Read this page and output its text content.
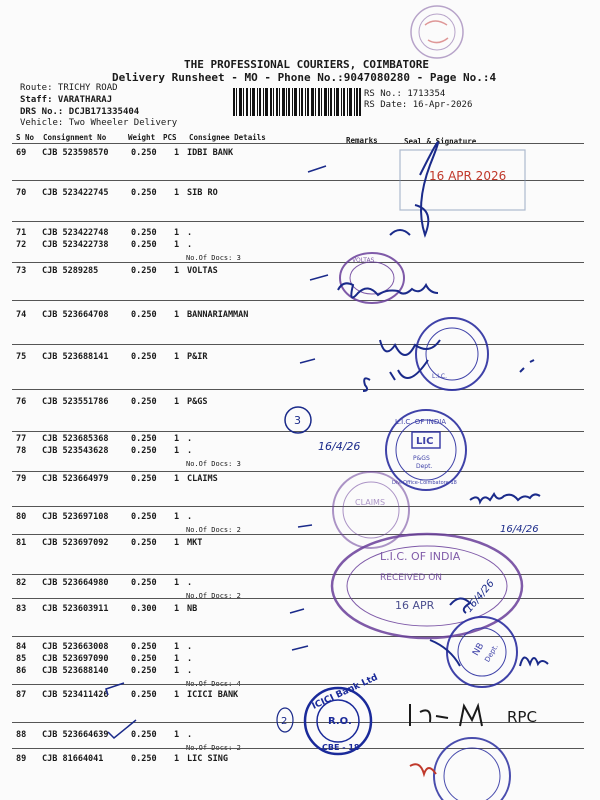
THE PROFESSIONAL COURIERS, COIMBATORE
Delivery Runsheet - MO - Phone No.:9047080280 - Page No.:4
Route: TRICHY ROAD
Staff: VARATHARAJ
DRS No.: DCJB171335404
Vehicle: Two Wheeler Delivery
RS No.: 1713354
RS Date: 16-Apr-2026
S No Consignment No	Weight PCS Consignee Details	Remarks	Seal & Signature
69 CJB 523598570	0.250 1 IDBI BANK
70 CJB 523422745	0.250 1 SIB RO
71 CJB 523422748	0.250 1 .
72 CJB 523422738	0.250 1 .
No.Of Docs: 3
73 CJB 5289285	0.250 1 VOLTAS
74 CJB 523664708	0.250 1 BANNARIAMMAN
75 CJB 523688141	0.250 1 P&IR
76 CJB 523551786	0.250 1 P&GS
77 CJB 523685368	0.250 1 .
78 CJB 523543628	0.250 1 .
No.Of Docs: 3
79 CJB 523664979	0.250 1 CLAIMS
80 CJB 523697108	0.250 1 .
No.Of Docs: 2
81 CJB 523697092	0.250 1 MKT
82 CJB 523664980	0.250 1 .
No.Of Docs: 2
83 CJB 523603911	0.300 1 NB
84 CJB 523663008	0.250 1 .
85 CJB 523697090	0.250 1 .
86 CJB 523688140	0.250 1 .
No.Of Docs: 4
87 CJB 523411426	0.250 1 ICICI BANK
88 CJB 523664639	0.250 1 .
No.Of Docs: 2
89 CJB 81664041	0.250 1 LIC SING
16 APR 2026
VOLTAS
L.I.C.
3	L.I.C. OF INDIA
LIC
P&GS
Dept.
Divl Office-Coimbatore-18
16/4/26
CLAIMS
16/4/26
L.I.C. OF INDIA
RECEIVED ON
16 APR	16/4/26
NB
Dept.
ICICI Bank Ltd
R.O.
CBE - 18
2	RPC
